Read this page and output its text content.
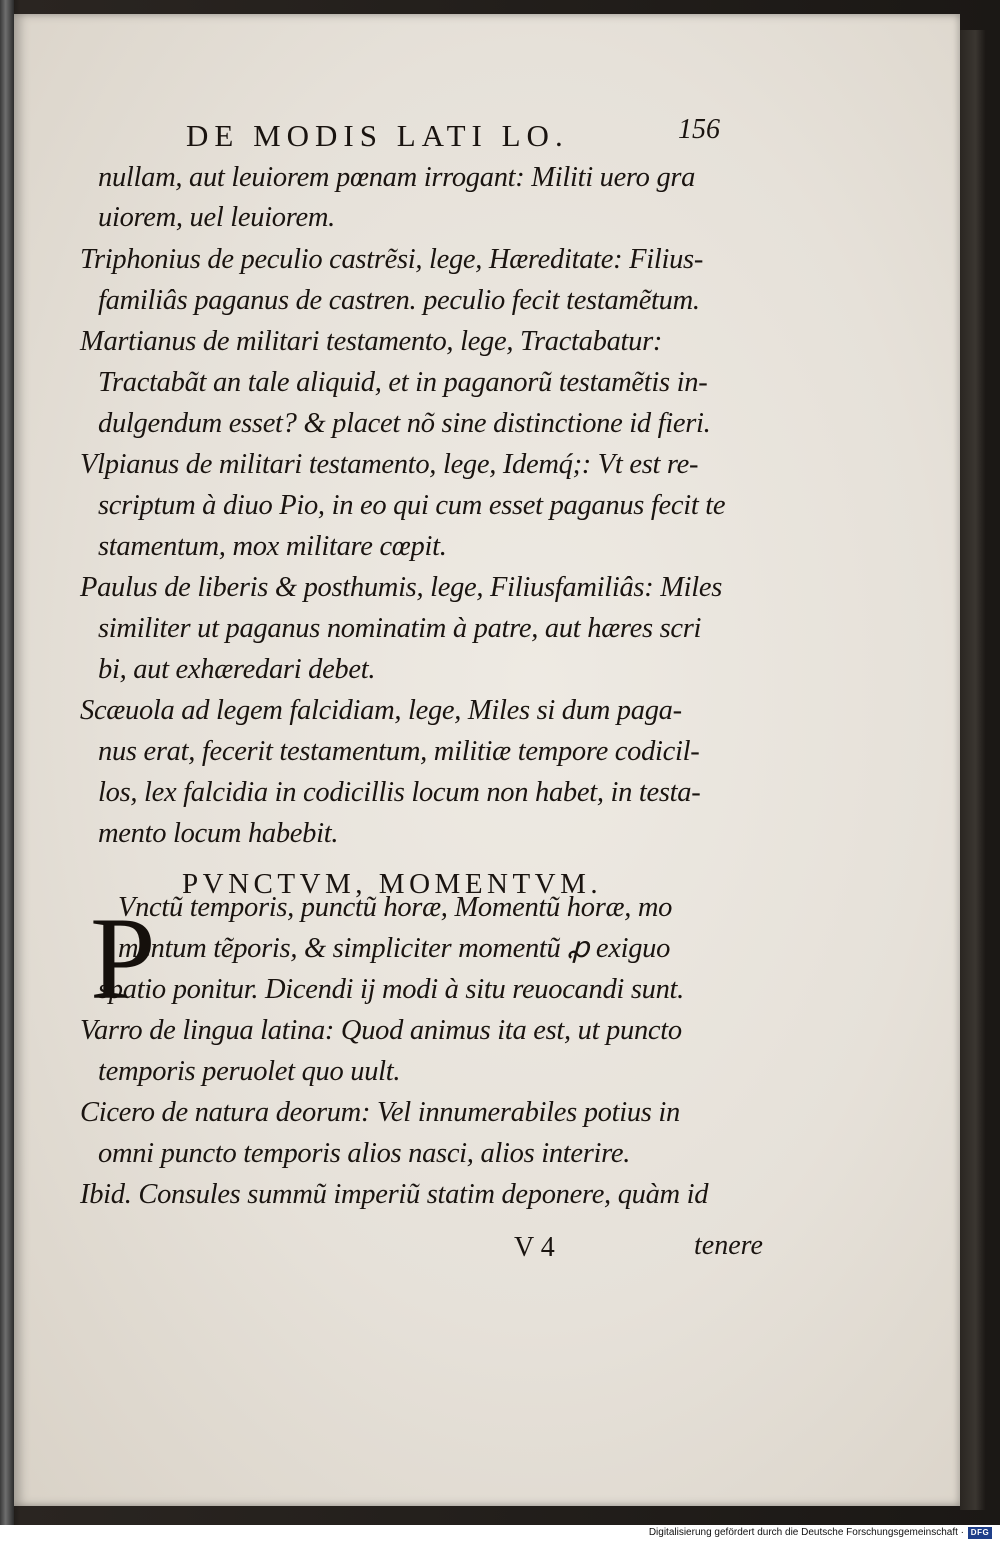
DE MODIS LATI LO.	156
nullam, aut leuiorem pœnam irrogant: Militi uero gra
uiorem, uel leuiorem.
Triphonius de peculio castrẽsi, lege, Hæreditate: Filius-
familiâs paganus de castren. peculio fecit testamẽtum.
Martianus de militari testamento, lege, Tractabatur:
Tractabãt an tale aliquid, et in paganorũ testamẽtis in-
dulgendum esset? & placet nõ sine distinctione id fieri.
Vlpianus de militari testamento, lege, Idemq́;: Vt est re-
scriptum à diuo Pio, in eo qui cum esset paganus fecit te
stamentum, mox militare cœpit.
Paulus de liberis & posthumis, lege, Filiusfamiliâs: Miles
similiter ut paganus nominatim à patre, aut hæres scri
bi, aut exhæredari debet.
Scæuola ad legem falcidiam, lege, Miles si dum paga-
nus erat, fecerit testamentum, militiæ tempore codicil-
los, lex falcidia in codicillis locum non habet, in testa-
mento locum habebit.
Vnctũ temporis, punctũ horæ, Momentũ horæ, mo
mentum tẽporis, & simpliciter momentũ ꝓ exiguo
spatio ponitur. Dicendi ij modi à situ reuocandi sunt.
Varro de lingua latina: Quod animus ita est, ut puncto
temporis peruolet quo uult.
Cicero de natura deorum: Vel innumerabiles potius in
omni puncto temporis alios nasci, alios interire.
Ibid. Consules summũ imperiũ statim deponere, quàm id
PVNCTVM, MOMENTVM.
P
V 4	tenere
Digitalisierung gefördert durch die Deutsche Forschungsgemeinschaft · DFG
